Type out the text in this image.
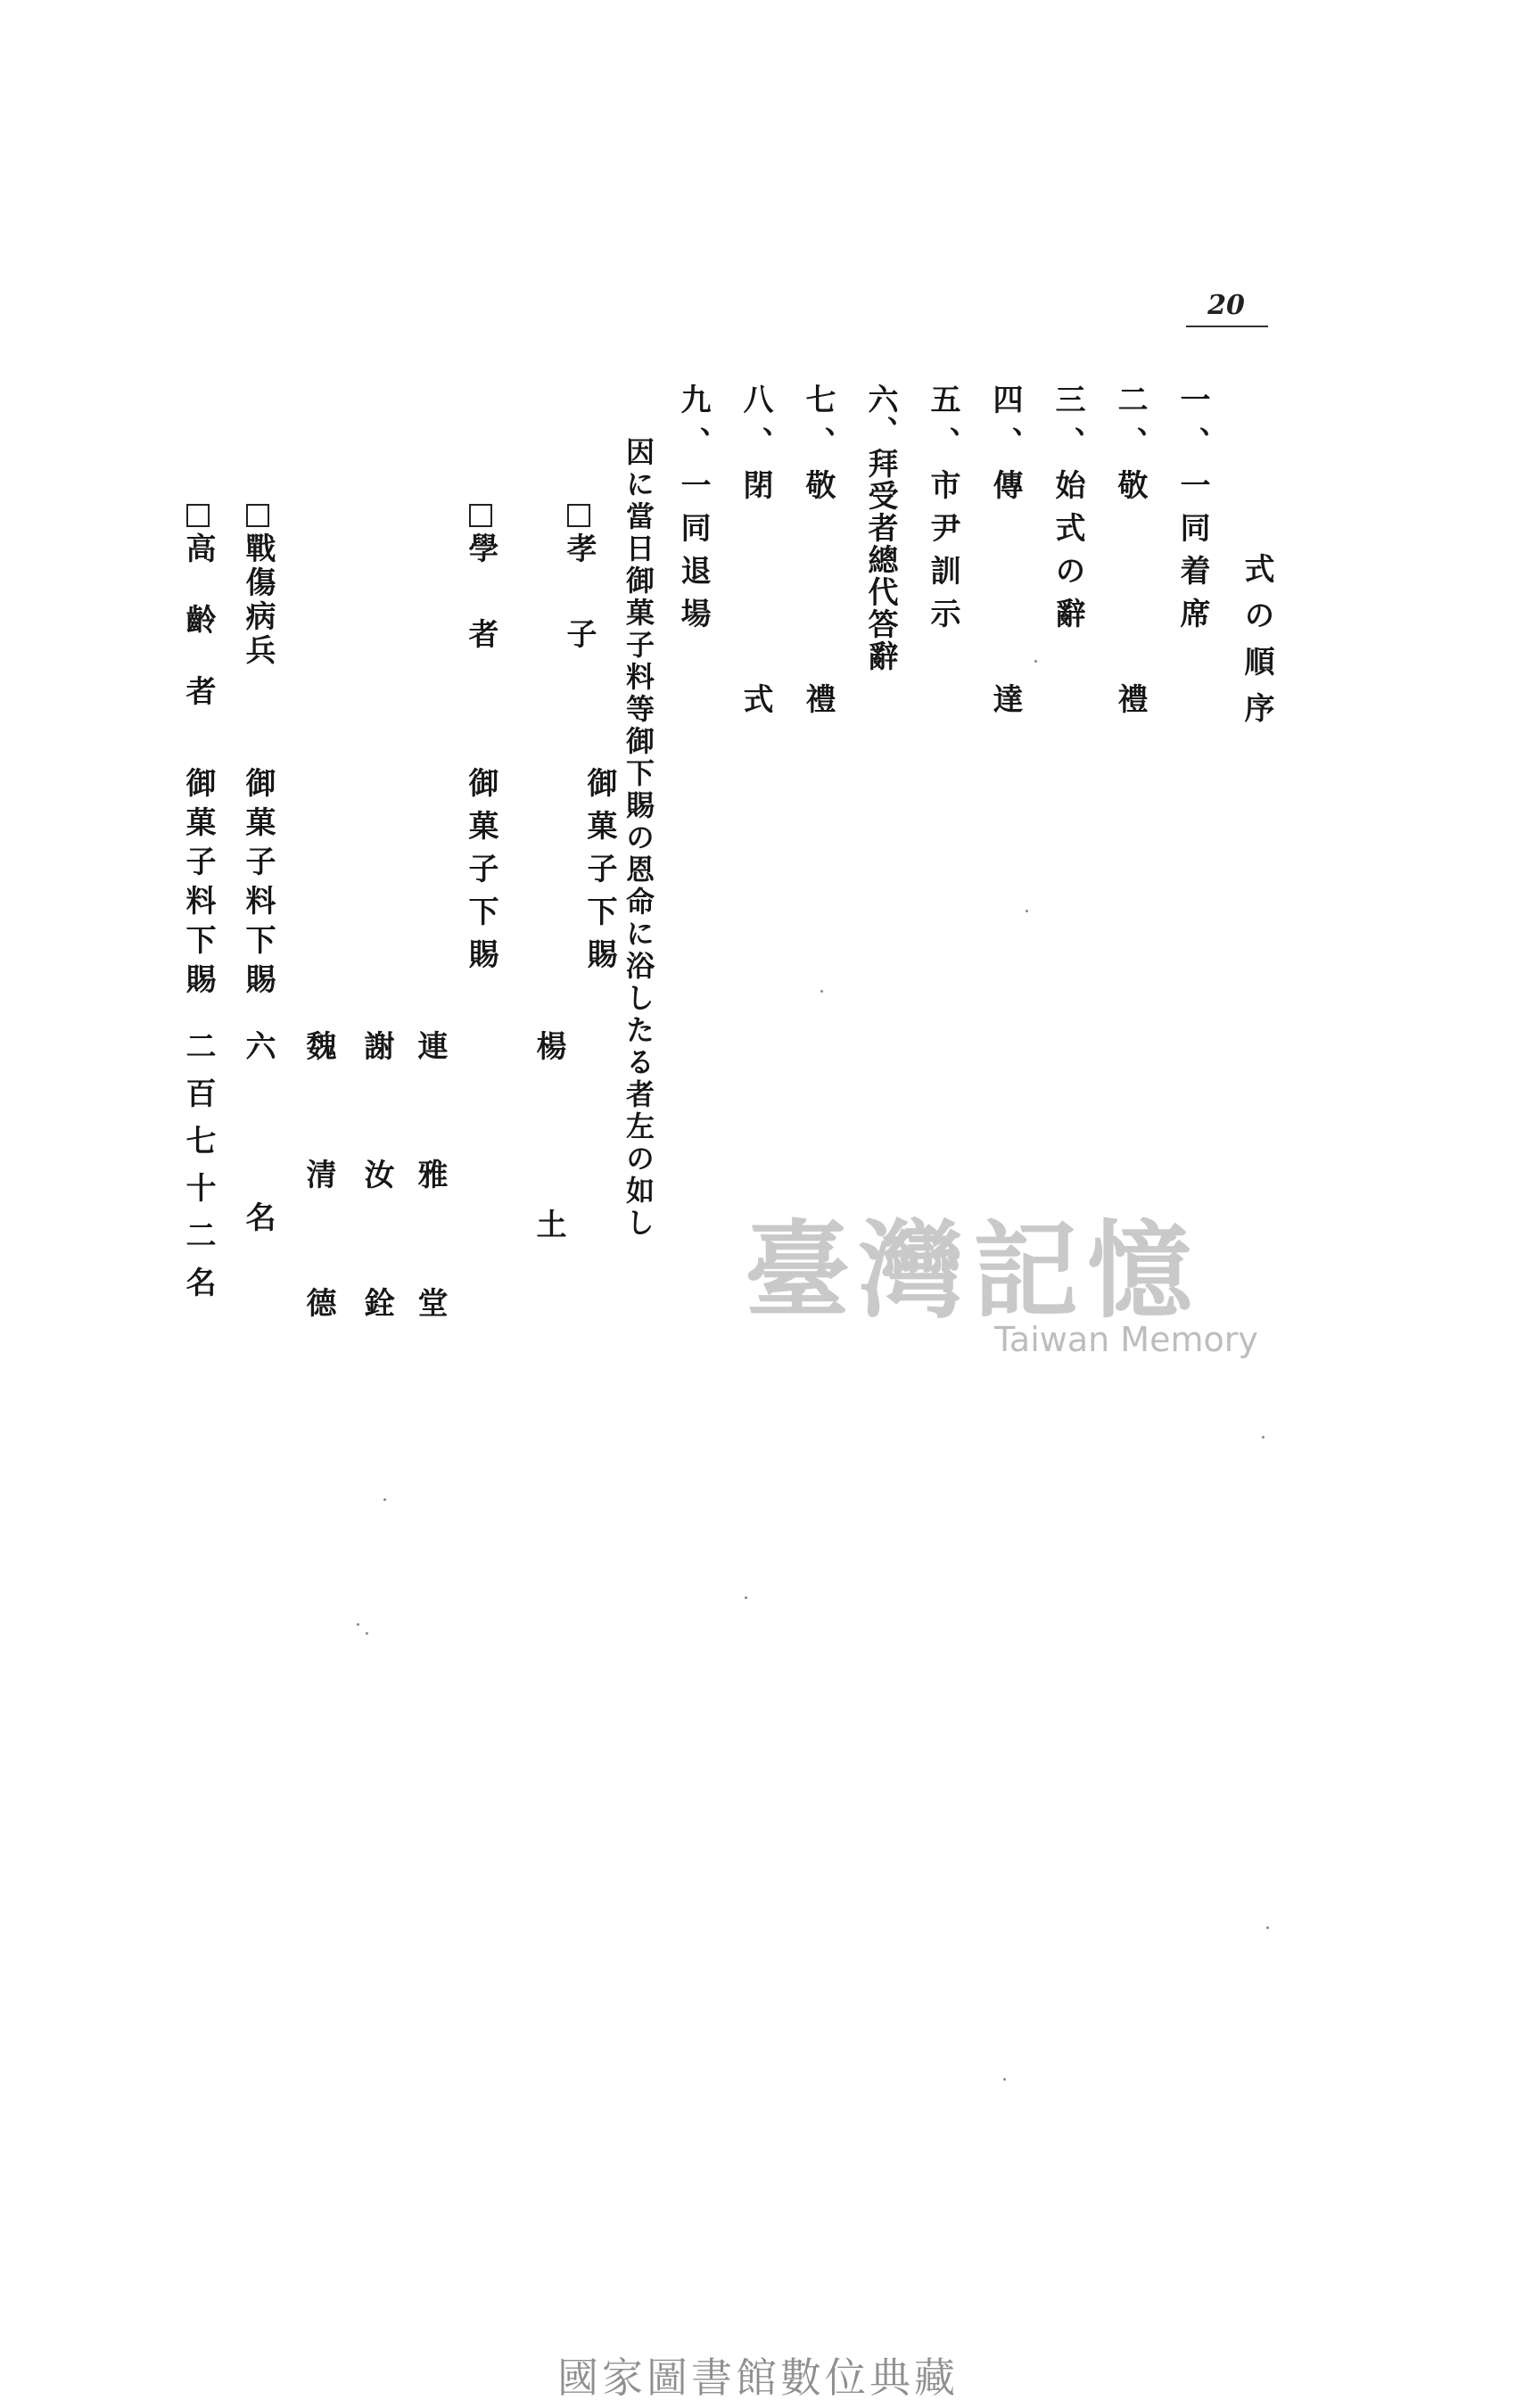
20
式の順序
一、一同着席
二、敬　　　　禮
三、始式の辭
四、傳　　　　達
五、市尹訓示
六、拜受者總代答辭
七、敬　　　　禮
八、閉　　　　式
九、一同退場
因に當日御菓子料等御下賜の恩命に浴したる者左の如し
孝　子
學　者
戰傷病兵
高　齡　者
御菓子下賜
御菓子下賜
御菓子料下賜
御菓子料下賜
楊　　　　土
連　雅　堂
謝　汝　銓
魏　清　德
六　　　名
二百七十二名	臺灣記憶
Taiwan Memory
國家圖書館數位典藏
